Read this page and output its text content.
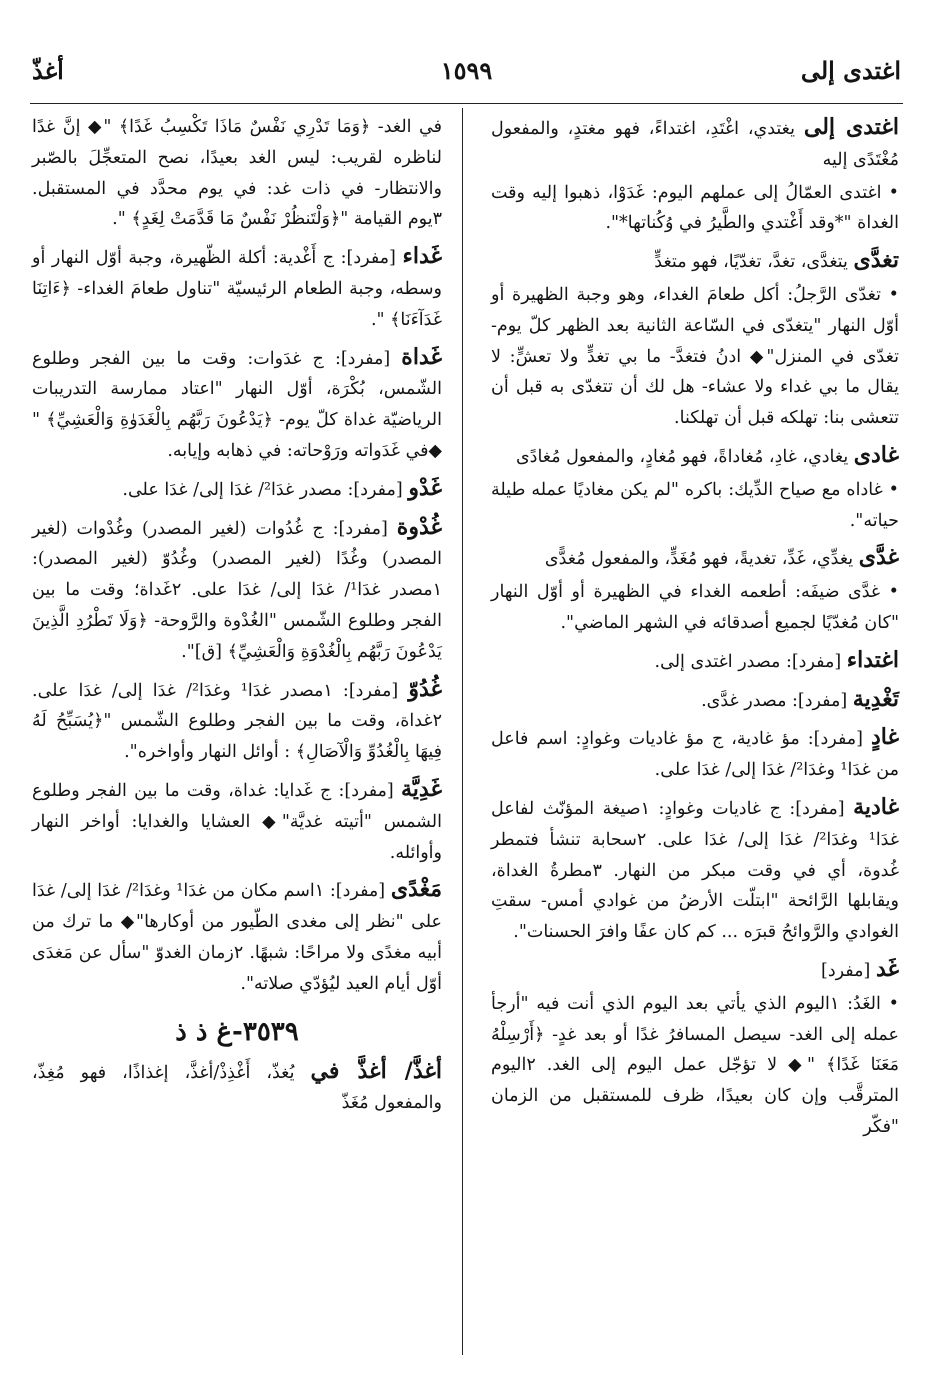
اغتدى إلى
١٥٩٩
أغذّ

اغتدى إلى يغتدي، اغْتَدِ، اغتداءً، فهو مغتدٍ، والمفعول مُغْتَدًى إليه

• اغتدى العمّالُ إلى عملهم اليوم: غَدَوْا، ذهبوا إليه وقت الغداة "*وقد أَغْتدي والطَّيرُ في وُكُناتها*".

تغدَّى يتغدَّى، تغدَّ، تغدّيًا، فهو متغدٍّ

• تغدّى الرَّجلُ: أكل طعامَ الغداء، وهو وجبة الظهيرة أو أوّل النهار "يتغدّى في السّاعة الثانية بعد الظهر كلّ يوم- تغدّى في المنزل"◆ ادنُ فتغدَّ- ما بي تغدٍّ ولا تعشٍّ: لا يقال ما بي غداء ولا عشاء- هل لك أن تتغدّى به قبل أن تتعشى بنا: تهلكه قبل أن تهلكنا.

غادى يغادي، غادِ، مُغاداةً، فهو مُغادٍ، والمفعول مُغادًى

• غاداه مع صياح الدِّيك: باكره "لم يكن مغاديًا عمله طيلة حياته".

غدَّى يغدِّي، غَدِّ، تغديةً، فهو مُغَدٍّ، والمفعول مُغدًّى

• غدَّى ضيفَه: أطعمه الغداء في الظهيرة أو أوّل النهار "كان مُغدّيًا لجميع أصدقائه في الشهر الماضي".

اغتداء [مفرد]: مصدر اغتدى إلى.

تَغْدِية [مفرد]: مصدر غدَّى.

غادٍ [مفرد]: مؤ غادية، ج مؤ غاديات وغوادٍ: اسم فاعل من غدَا¹ وغدَا²/ غدَا إلى/ غدَا على.

غادية [مفرد]: ج غاديات وغوادٍ: ١صيغة المؤنّث لفاعل غدَا¹ وغدَا²/ غدَا إلى/ غدَا على. ٢سحابة تنشأ فتمطر غُدوة، أي في وقت مبكر من النهار. ٣مطرةُ الغداة، ويقابلها الرَّائحة "ابتلّت الأرضُ من غوادي أمس- سقتِ الغوادي والرَّوائحُ قبرَه ... كم كان عفًا وافرَ الحسنات".

غَد [مفرد]

• الغَدُ: ١اليوم الذي يأتي بعد اليوم الذي أنت فيه "أرجأ عمله إلى الغد- سيصل المسافرُ غدًا أو بعد غدٍ- ﴿أَرْسِلْهُ مَعَنَا غَدًا﴾ "◆ لا تؤجّل عمل اليوم إلى الغد. ٢اليوم المترقَّب وإن كان بعيدًا، ظرف للمستقبل من الزمان "فكّر

في الغد- ﴿وَمَا تَدْرِي نَفْسٌ مَاذَا تَكْسِبُ غَدًا﴾ "◆ إنَّ غدًا لناظره لقريب: ليس الغد بعيدًا، نصح المتعجِّلَ بالصّبر والانتظار- في ذات غد: في يوم محدَّد في المستقبل. ٣يوم القيامة "﴿وَلْتَنظُرْ نَفْسٌ مَا قَدَّمَتْ لِغَدٍ﴾ ".

غَداء [مفرد]: ج أَغْدية: أكلة الظّهيرة، وجبة أوّل النهار أو وسطه، وجبة الطعام الرئيسيّة "تناول طعامَ الغداء- ﴿ءَاتِنَا غَدَآءَنَا﴾ ".

غَداة [مفرد]: ج غدَوات: وقت ما بين الفجر وطلوع الشّمس، بُكْرَة، أوّل النهار "اعتاد ممارسة التدريبات الرياضيّة غداة كلّ يوم- ﴿يَدْعُونَ رَبَّهُم بِالْغَدَوٰةِ وَالْعَشِيِّ﴾ " ◆في غَدَواته ورَوْحاته: في ذهابه وإيابه.

غَدْو [مفرد]: مصدر غدَا²/ غدَا إلى/ غدَا على.

غُدْوة [مفرد]: ج غُدُوات (لغير المصدر) وغُدْوات (لغير المصدر) وغُدًا (لغير المصدر) وغُدُوّ (لغير المصدر): ١مصدر غدَا¹/ غدَا إلى/ غدَا على. ٢غَداة؛ وقت ما بين الفجر وطلوع الشّمس "الغُدْوة والرَّوحة- ﴿وَلَا تَطْرُدِ الَّذِينَ يَدْعُونَ رَبَّهُم بِالْغُدْوَةِ وَالْعَشِيِّ﴾ [ق]".

غُدُوّ [مفرد]: ١مصدر غدَا¹ وغدَا²/ غدَا إلى/ غدَا على. ٢غداة، وقت ما بين الفجر وطلوع الشّمس "﴿يُسَبِّحُ لَهُ فِيهَا بِالْغُدُوِّ وَالْآصَالِ﴾ : أوائل النهار وأواخره".

غَدِيَّة [مفرد]: ج غَدايا: غداة، وقت ما بين الفجر وطلوع الشمس "أتيته غديَّة"◆ العشايا والغدايا: أواخر النهار وأوائله.

مَغْدًى [مفرد]: ١اسم مكان من غدَا¹ وغدَا²/ غدَا إلى/ غدَا على "نظر إلى مغدى الطّيور من أوكارها"◆ ما ترك من أبيه مغدًى ولا مراحًا: شبهًا. ٢زمان الغدوّ "سأل عن مَغدَى أوّل أيام العيد ليُؤدّي صلاته".

٣٥٣٩-غ ذ ذ

أغذَّ/ أغذَّ في يُغذّ، أَغْذِذْ/أغذَّ، إغذاذًا، فهو مُغِذّ، والمفعول مُغَذّ
